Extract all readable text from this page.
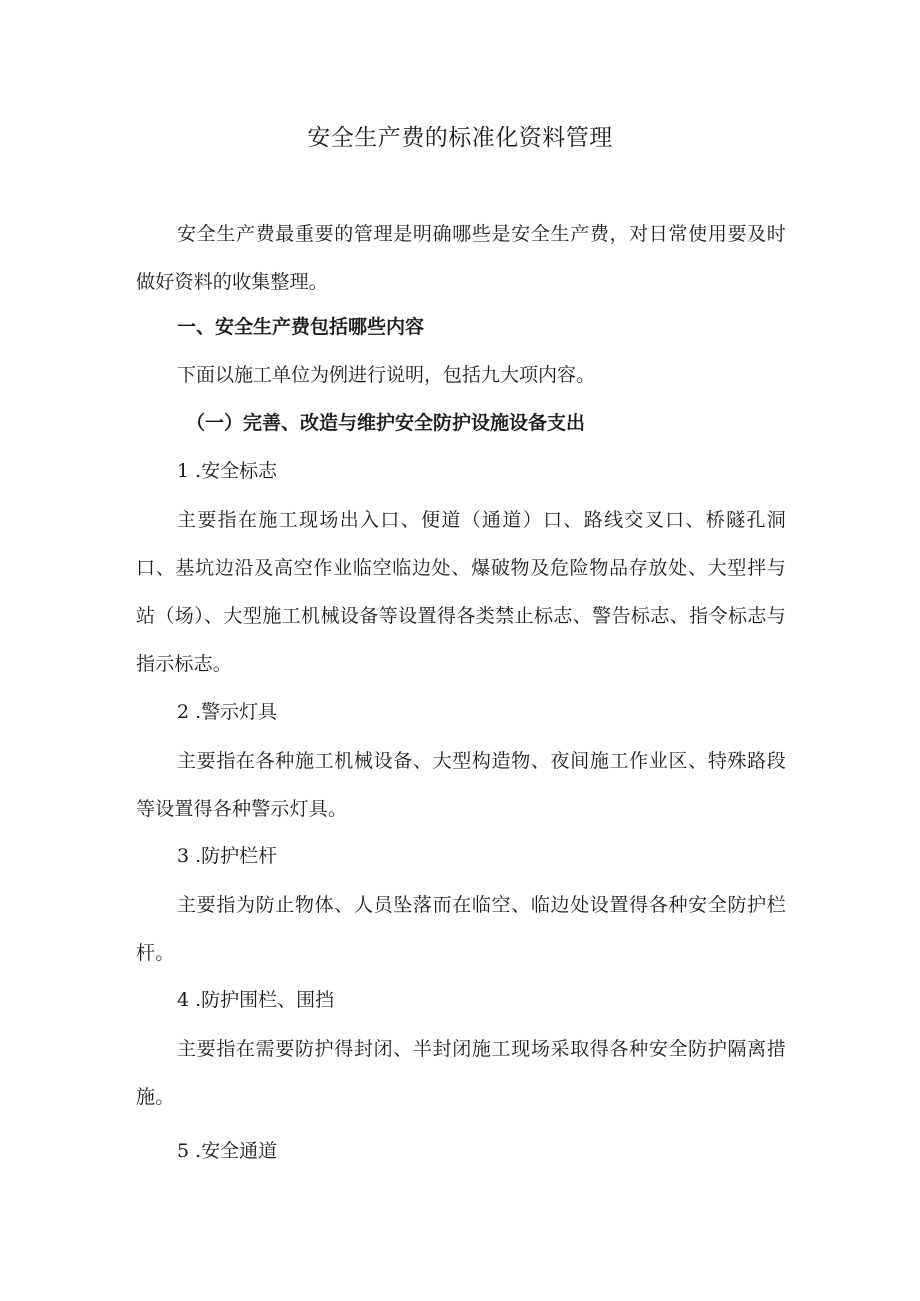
安全生产费的标准化资料管理

安全生产费最重要的管理是明确哪些是安全生产费，对日常使用要及时做好资料的收集整理。

一、安全生产费包括哪些内容

下面以施工单位为例进行说明，包括九大项内容。

（一）完善、改造与维护安全防护设施设备支出

1 .安全标志

主要指在施工现场出入口、便道（通道）口、路线交叉口、桥隧孔洞口、基坑边沿及高空作业临空临边处、爆破物及危险物品存放处、大型拌与站（场）、大型施工机械设备等设置得各类禁止标志、警告标志、指令标志与指示标志。

2 .警示灯具

主要指在各种施工机械设备、大型构造物、夜间施工作业区、特殊路段等设置得各种警示灯具。

3 .防护栏杆

主要指为防止物体、人员坠落而在临空、临边处设置得各种安全防护栏杆。

4 .防护围栏、围挡

主要指在需要防护得封闭、半封闭施工现场采取得各种安全防护隔离措施。

5 .安全通道
